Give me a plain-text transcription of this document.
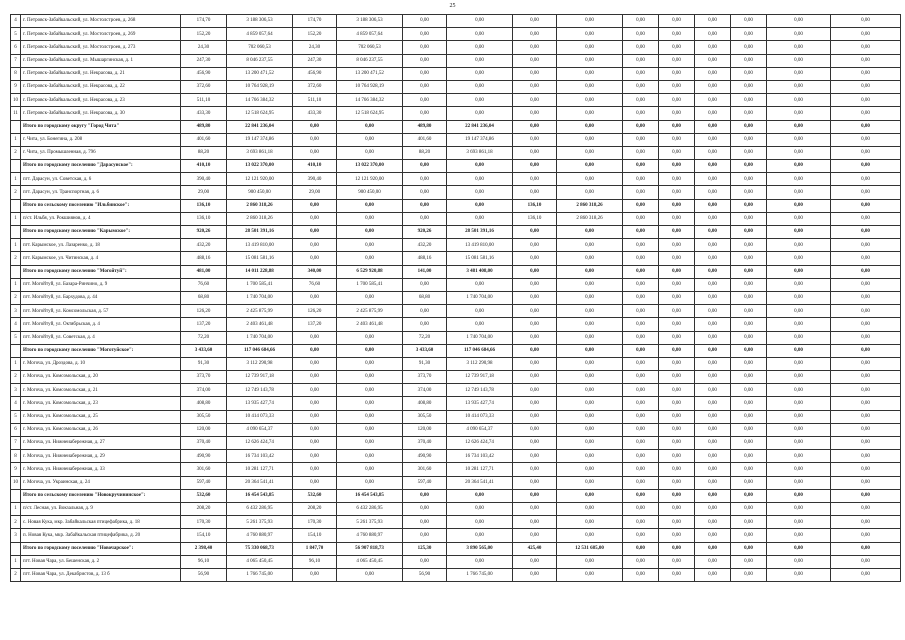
25
4	г. Петровск-Забайкальский, ул. Мостолстроев, д. 268	174,70	3 188 306,53	174,70	3 188 306,53	0,00	0,00	0,00	0,00	0,00	0,00	0,00	0,00	0,00	0,00
5	г. Петровск-Забайкальский, ул. Мостолстроев, д. 269	152,20	4 859 057,64	152,20	4 859 057,64	0,00	0,00	0,00	0,00	0,00	0,00	0,00	0,00	0,00	0,00
6	г. Петровск-Забайкальский, ул. Мостолстроев, д. 273	24,30	702 060,53	24,30	702 060,53	0,00	0,00	0,00	0,00	0,00	0,00	0,00	0,00	0,00	0,00
7	г. Петровск-Забайкальский, ул. Мышаргинская, д. 1	247,30	8 046 237,55	247,30	8 046 237,55	0,00	0,00	0,00	0,00	0,00	0,00	0,00	0,00	0,00	0,00
8	г. Петровск-Забайкальский, ул. Некрасова, д. 21	456,90	13 200 471,52	456,90	13 200 471,52	0,00	0,00	0,00	0,00	0,00	0,00	0,00	0,00	0,00	0,00
9	г. Петровск-Забайкальский, ул. Некрасова, д. 22	372,60	10 764 928,19	372,60	10 764 928,19	0,00	0,00	0,00	0,00	0,00	0,00	0,00	0,00	0,00	0,00
10	г. Петровск-Забайкальский, ул. Некрасова, д. 23	511,10	14 766 384,32	511,10	14 766 384,32	0,00	0,00	0,00	0,00	0,00	0,00	0,00	0,00	0,00	0,00
11	г. Петровск-Забайкальский, ул. Некрасова, д. 30	433,30	12 518 624,95	433,30	12 518 624,95	0,00	0,00	0,00	0,00	0,00	0,00	0,00	0,00	0,00	0,00
	Итого по городскому округу "Город Чита"	489,80	22 841 236,04	0,00	0,00	489,80	22 841 236,04	0,00	0,00	0,00	0,00	0,00	0,00	0,00	0,00
1	г. Чита, ул. Бонегина, д. 208	401,60	19 147 374,86	0,00	0,00	401,60	19 147 374,86	0,00	0,00	0,00	0,00	0,00	0,00	0,00	0,00
2	г. Чита, ул. Промышленная, д. 796	88,20	3 693 861,18	0,00	0,00	88,20	3 693 861,18	0,00	0,00	0,00	0,00	0,00	0,00	0,00	0,00
	Итого по городскому поселению "Дарасунское":	410,10	13 022 370,00	410,10	13 022 370,00	0,00	0,00	0,00	0,00	0,00	0,00	0,00	0,00	0,00	0,00
1	пгт. Дарасун, ул. Советская, д. 6	390,40	12 121 920,00	390,40	12 121 920,00	0,00	0,00	0,00	0,00	0,00	0,00	0,00	0,00	0,00	0,00
2	пгт. Дарасун, ул. Транспортная, д. 6	29,00	900 450,00	29,00	900 450,00	0,00	0,00	0,00	0,00	0,00	0,00	0,00	0,00	0,00	0,00
	Итого по сельскому поселению "Ильбинское":	136,10	2 860 318,26	0,00	0,00	0,00	0,00	136,10	2 860 318,26	0,00	0,00	0,00	0,00	0,00	0,00
1	п/ст. Ильбя, ул. Рокшиянов, д. 4	136,10	2 860 318,26	0,00	0,00	0,00	0,00	136,10	2 860 318,26	0,00	0,00	0,00	0,00	0,00	0,00
	Итого по городскому поселению "Карымское":	920,26	28 501 391,16	0,00	0,00	920,26	28 501 391,16	0,00	0,00	0,00	0,00	0,00	0,00	0,00	0,00
1	пгт. Карымское, ул. Лазаренко, д. 18	432,20	13 419 810,00	0,00	0,00	432,20	13 419 810,00	0,00	0,00	0,00	0,00	0,00	0,00	0,00	0,00
2	пгт. Карымское, ул. Читинская, д. 4	488,16	15 081 581,16	0,00	0,00	488,16	15 081 581,16	0,00	0,00	0,00	0,00	0,00	0,00	0,00	0,00
	Итого по городскому поселению "Могойтуй":	481,00	14 011 228,88	340,00	6 529 920,88	141,00	3 481 408,00	0,00	0,00	0,00	0,00	0,00	0,00	0,00	0,00
1	пгт. Могойтуй, ул. Базара-Ринчино, д. 9	76,60	1 700 585,41	76,60	1 700 585,41	0,00	0,00	0,00	0,00	0,00	0,00	0,00	0,00	0,00	0,00
2	пгт. Могойтуй, ул. Бархудова, д. 44	68,80	1 740 704,00	0,00	0,00	68,80	1 740 704,00	0,00	0,00	0,00	0,00	0,00	0,00	0,00	0,00
3	пгт. Могойтуй, ул. Комсомольская, д. 57	126,20	2 425 875,99	126,20	2 425 875,99	0,00	0,00	0,00	0,00	0,00	0,00	0,00	0,00	0,00	0,00
4	пгт. Могойтуй, ул. Октябрьская, д. 4	137,20	2 403 461,48	137,20	2 403 461,48	0,00	0,00	0,00	0,00	0,00	0,00	0,00	0,00	0,00	0,00
5	пгт. Могойтуй, ул. Советская, д. 4	72,20	1 740 704,00	0,00	0,00	72,20	1 740 704,00	0,00	0,00	0,00	0,00	0,00	0,00	0,00	0,00
	Итого по городскому поселению "Моготуйское":	3 433,60	117 046 684,66	0,00	0,00	3 433,60	117 046 684,66	0,00	0,00	0,00	0,00	0,00	0,00	0,00	0,00
1	г. Могоча, ул. Дроздова, д. 10	91,30	3 112 290,98	0,00	0,00	91,30	3 112 290,98	0,00	0,00	0,00	0,00	0,00	0,00	0,00	0,00
2	г. Могоча, ул. Комсомольская, д. 20	373,70	12 739 917,18	0,00	0,00	373,70	12 739 917,18	0,00	0,00	0,00	0,00	0,00	0,00	0,00	0,00
3	г. Могоча, ул. Комсомольская, д. 21	374,00	12 749 143,78	0,00	0,00	374,00	12 749 143,78	0,00	0,00	0,00	0,00	0,00	0,00	0,00	0,00
4	г. Могоча, ул. Комсомольская, д. 23	408,80	13 935 427,74	0,00	0,00	408,80	13 935 427,74	0,00	0,00	0,00	0,00	0,00	0,00	0,00	0,00
5	г. Могоча, ул. Комсомольская, д. 25	305,50	10 414 073,33	0,00	0,00	305,50	10 414 073,33	0,00	0,00	0,00	0,00	0,00	0,00	0,00	0,00
6	г. Могоча, ул. Комсомольская, д. 26	120,00	4 090 654,37	0,00	0,00	120,00	4 090 654,37	0,00	0,00	0,00	0,00	0,00	0,00	0,00	0,00
7	г. Могоча, ул. Нижнеиабережная, д. 27	370,40	12 626 424,74	0,00	0,00	370,40	12 626 424,74	0,00	0,00	0,00	0,00	0,00	0,00	0,00	0,00
8	г. Могоча, ул. Нижнеиабережная, д. 29	490,90	16 734 103,42	0,00	0,00	490,90	16 734 103,42	0,00	0,00	0,00	0,00	0,00	0,00	0,00	0,00
9	г. Могоча, ул. Нижнеиабережная, д. 33	301,60	10 281 127,71	0,00	0,00	301,60	10 281 127,71	0,00	0,00	0,00	0,00	0,00	0,00	0,00	0,00
10	г. Могоча, ул. Украинская, д. 24	597,40	20 364 541,41	0,00	0,00	597,40	20 364 541,41	0,00	0,00	0,00	0,00	0,00	0,00	0,00	0,00
	Итого по сельскому поселению "Новокручининское":	532,60	16 454 543,85	532,60	16 454 543,85	0,00	0,00	0,00	0,00	0,00	0,00	0,00	0,00	0,00	0,00
1	п/ст. Лесная, ул. Вокзальная, д. 9	208,20	6 432 286,95	208,20	6 432 286,95	0,00	0,00	0,00	0,00	0,00	0,00	0,00	0,00	0,00	0,00
2	с. Новая Кука, мкр. Забайкальская птицефабрика, д. 18	170,30	5 261 375,93	170,30	5 261 375,93	0,00	0,00	0,00	0,00	0,00	0,00	0,00	0,00	0,00	0,00
3	п. Новая Кука, мкр. Забайкальская птицефабрика, д. 20	154,10	4 760 880,97	154,10	4 760 880,97	0,00	0,00	0,00	0,00	0,00	0,00	0,00	0,00	0,00	0,00
	Итого по городскому поселению "Новочарское":	2 398,40	75 330 068,73	1 847,70	56 907 818,73	125,30	3 890 565,00	425,40	12 531 685,00	0,00	0,00	0,00	0,00	0,00	0,00
1	пгт. Новая Чара, ул. Бешенская, д. 2	96,10	4 065 450,45	96,10	4 065 450,45	0,00	0,00	0,00	0,00	0,00	0,00	0,00	0,00	0,00	0,00
2	пгт. Новая Чара, ул. Декабристов, д. 13 б	56,90	1 766 745,00	0,00	0,00	56,90	1 766 745,00	0,00	0,00	0,00	0,00	0,00	0,00	0,00	0,00
